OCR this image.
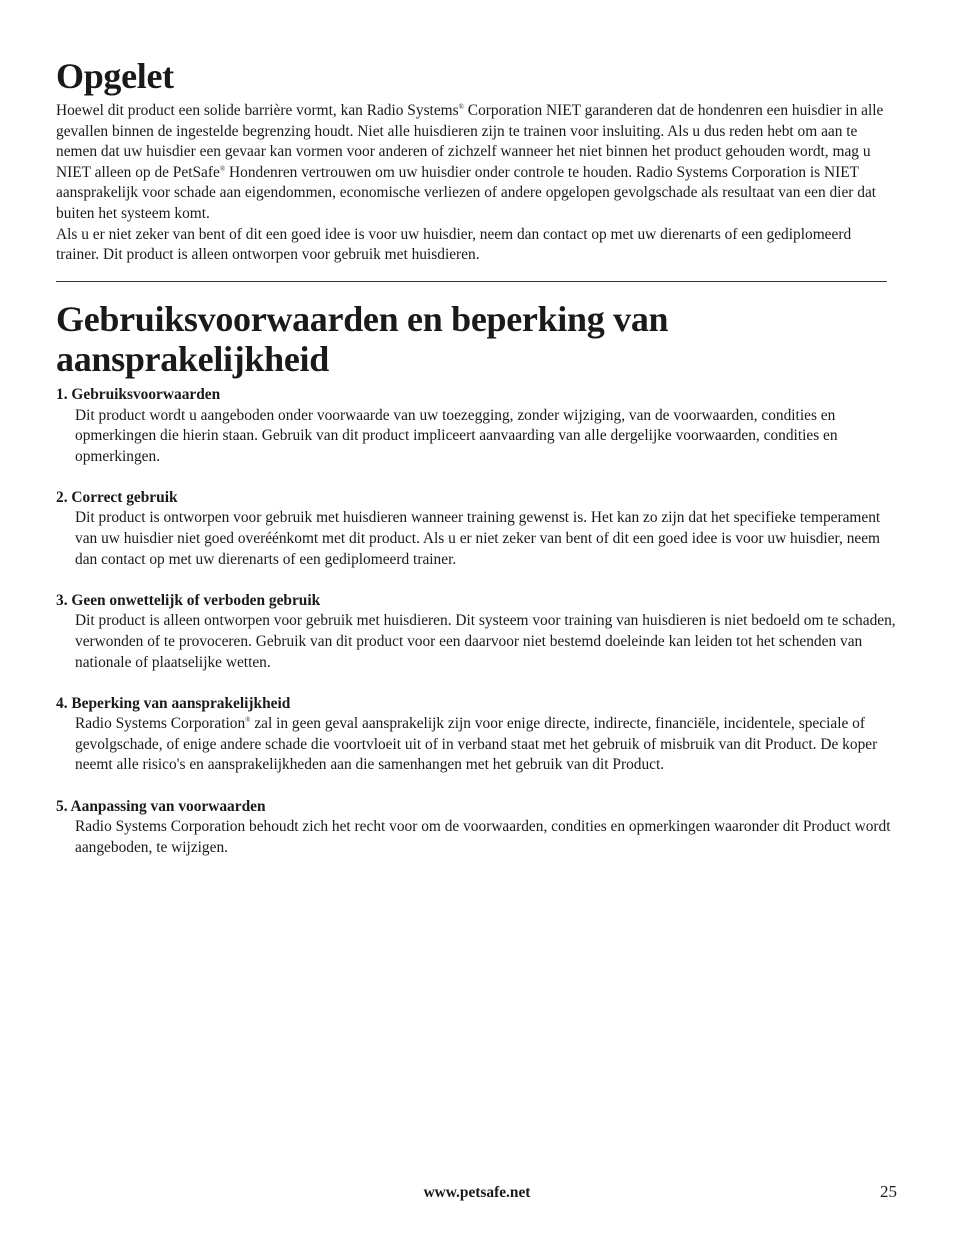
Opgelet

Hoewel dit product een solide barrière vormt, kan Radio Systems® Corporation NIET garanderen dat de hondenren een huisdier in alle gevallen binnen de ingestelde begrenzing houdt. Niet alle huisdieren zijn te trainen voor insluiting. Als u dus reden hebt om aan te nemen dat uw huisdier een gevaar kan vormen voor anderen of zichzelf wanneer het niet binnen het product gehouden wordt, mag u NIET alleen op de PetSafe® Hondenren vertrouwen om uw huisdier onder controle te houden. Radio Systems Corporation is NIET aansprakelijk voor schade aan eigendommen, economische verliezen of andere opgelopen gevolgschade als resultaat van een dier dat buiten het systeem komt.

Als u er niet zeker van bent of dit een goed idee is voor uw huisdier, neem dan contact op met uw dierenarts of een gediplomeerd trainer. Dit product is alleen ontworpen voor gebruik met huisdieren.

Gebruiksvoorwaarden en beperking van aansprakelijkheid

1. Gebruiksvoorwaarden

Dit product wordt u aangeboden onder voorwaarde van uw toezegging, zonder wijziging, van de voorwaarden, condities en opmerkingen die hierin staan. Gebruik van dit product impliceert aanvaarding van alle dergelijke voorwaarden, condities en opmerkingen.

2. Correct gebruik

Dit product is ontworpen voor gebruik met huisdieren wanneer training gewenst is. Het kan zo zijn dat het specifieke temperament van uw huisdier niet goed overéénkomt met dit product. Als u er niet zeker van bent of dit een goed idee is voor uw huisdier, neem dan contact op met uw dierenarts of een gediplomeerd trainer.

3. Geen onwettelijk of verboden gebruik

Dit product is alleen ontworpen voor gebruik met huisdieren. Dit systeem voor training van huisdieren is niet bedoeld om te schaden, verwonden of te provoceren. Gebruik van dit product voor een daarvoor niet bestemd doeleinde kan leiden tot het schenden van nationale of plaatselijke wetten.

4. Beperking van aansprakelijkheid

Radio Systems Corporation® zal in geen geval aansprakelijk zijn voor enige directe, indirecte, financiële, incidentele, speciale of gevolgschade, of enige andere schade die voortvloeit uit of in verband staat met het gebruik of misbruik van dit Product. De koper neemt alle risico's en aansprakelijkheden aan die samenhangen met het gebruik van dit Product.

5. Aanpassing van voorwaarden

Radio Systems Corporation behoudt zich het recht voor om de voorwaarden, condities en opmerkingen waaronder dit Product wordt aangeboden, te wijzigen.

www.petsafe.net	25
